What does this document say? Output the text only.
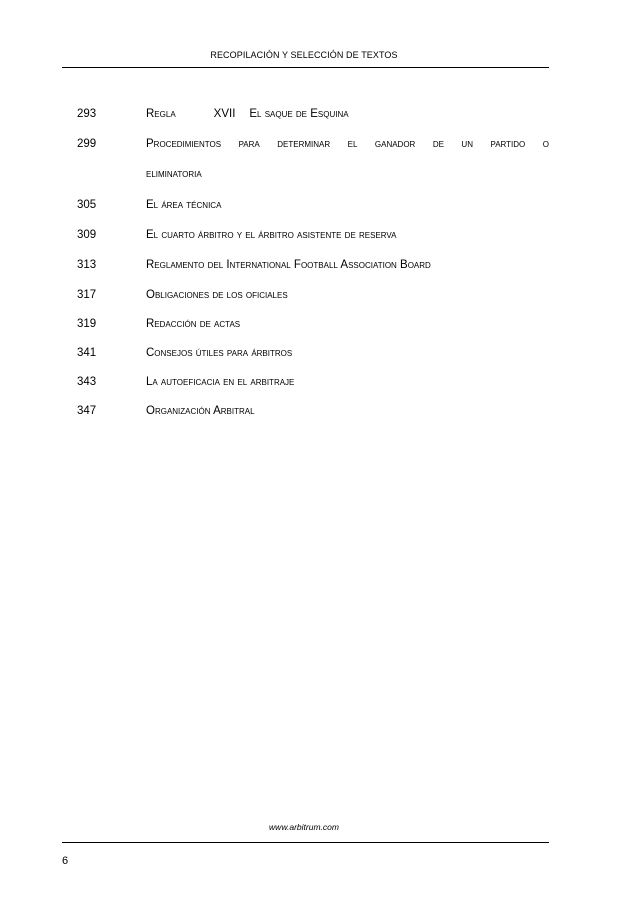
RECOPILACIÓN Y SELECCIÓN DE TEXTOS
293	Regla	XVII El saque de Esquina
299	Procedimientos para determinar el ganador de un partido o
eliminatoria
305	El área técnica
309	El cuarto árbitro y el árbitro asistente de reserva
313	Reglamento del International Football Association Board
317	Obligaciones de los oficiales
319	Redacción de actas
341	Consejos útiles para árbitros
343	La autoeficacia en el arbitraje
347	Organización Arbitral
www.arbitrum.com
6
